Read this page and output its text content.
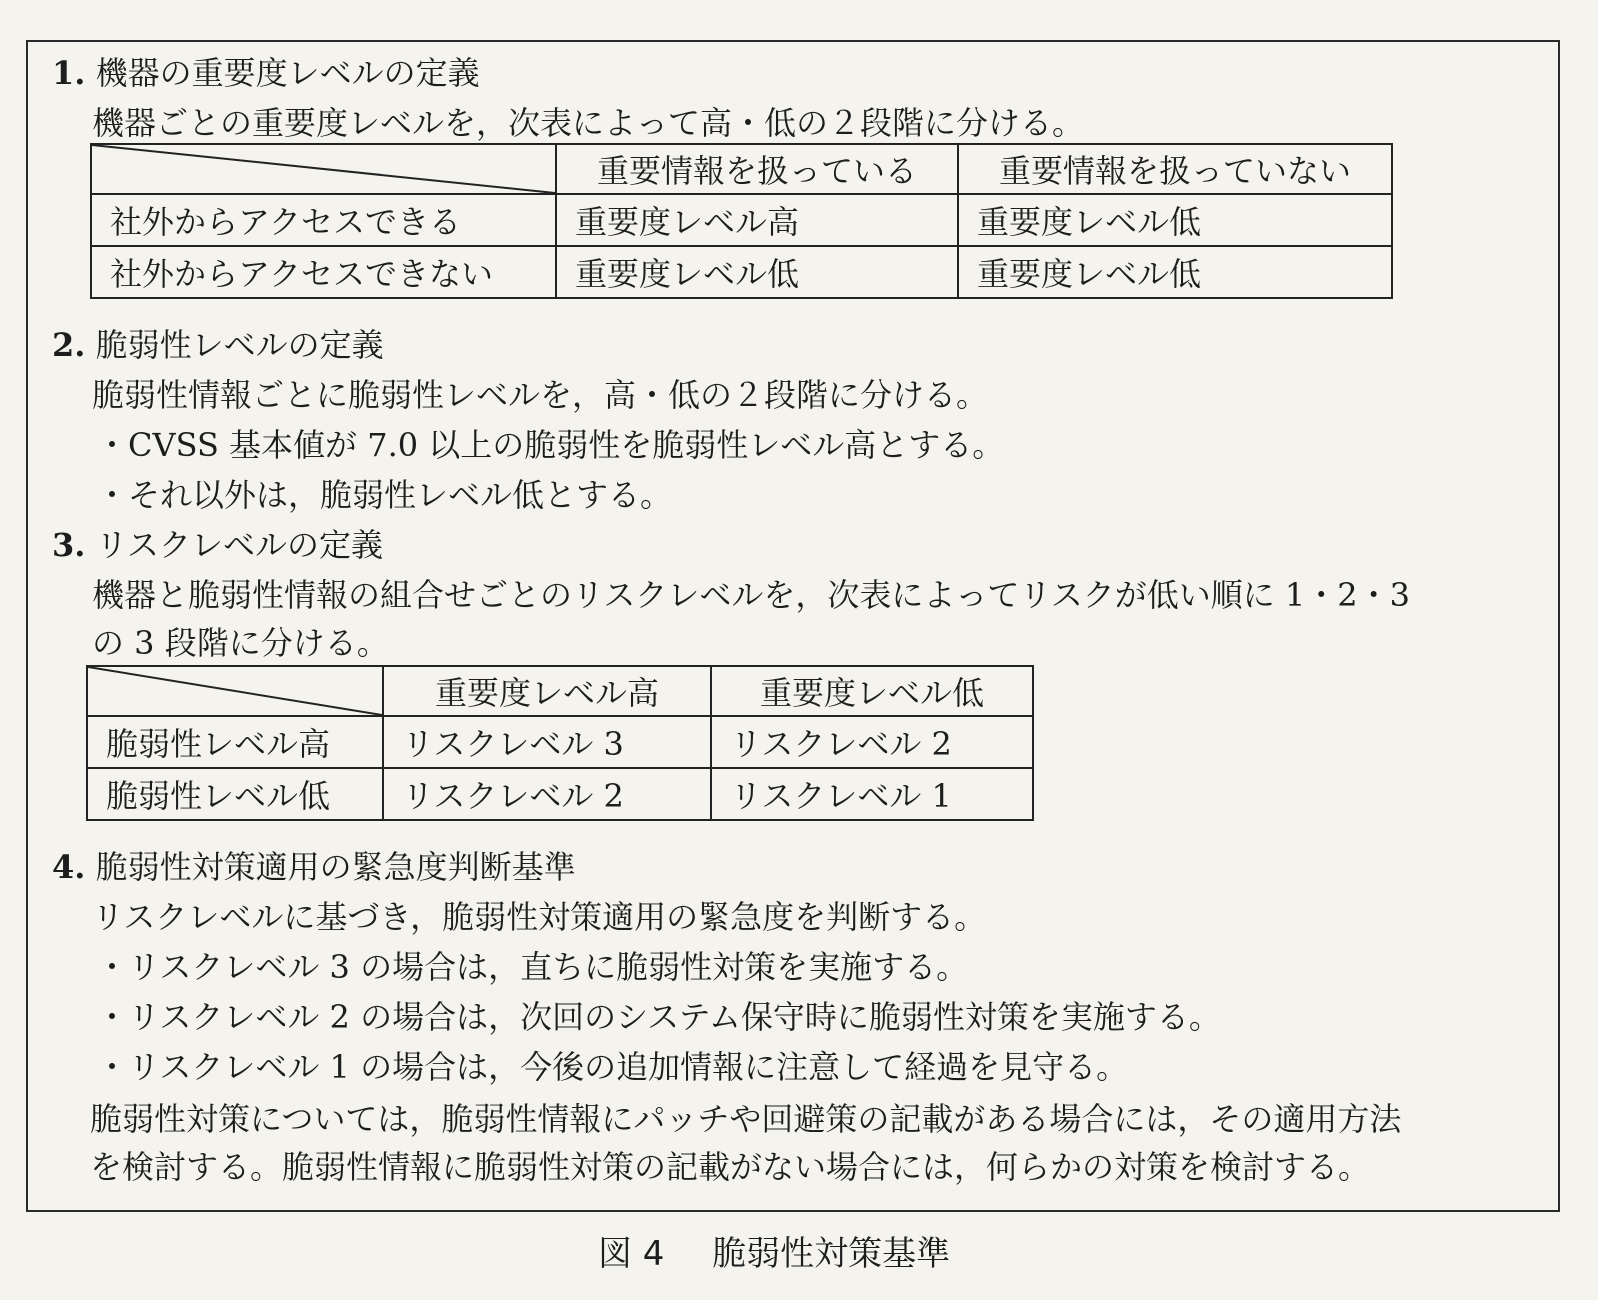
1. 機器の重要度レベルの定義
機器ごとの重要度レベルを，次表によって高・低の２段階に分ける。
	重要情報を扱っている	重要情報を扱っていない
社外からアクセスできる	重要度レベル高	重要度レベル低
社外からアクセスできない	重要度レベル低	重要度レベル低
2. 脆弱性レベルの定義
脆弱性情報ごとに脆弱性レベルを，高・低の２段階に分ける。
・CVSS 基本値が 7.0 以上の脆弱性を脆弱性レベル高とする。
・それ以外は，脆弱性レベル低とする。
3. リスクレベルの定義
機器と脆弱性情報の組合せごとのリスクレベルを，次表によってリスクが低い順に 1・2・3
の 3 段階に分ける。
	重要度レベル高	重要度レベル低
脆弱性レベル高	リスクレベル 3	リスクレベル 2
脆弱性レベル低	リスクレベル 2	リスクレベル 1
4. 脆弱性対策適用の緊急度判断基準
リスクレベルに基づき，脆弱性対策適用の緊急度を判断する。
・リスクレベル 3 の場合は，直ちに脆弱性対策を実施する。
・リスクレベル 2 の場合は，次回のシステム保守時に脆弱性対策を実施する。
・リスクレベル 1 の場合は，今後の追加情報に注意して経過を見守る。
脆弱性対策については，脆弱性情報にパッチや回避策の記載がある場合には，その適用方法
を検討する。脆弱性情報に脆弱性対策の記載がない場合には，何らかの対策を検討する。
図 4 脆弱性対策基準
